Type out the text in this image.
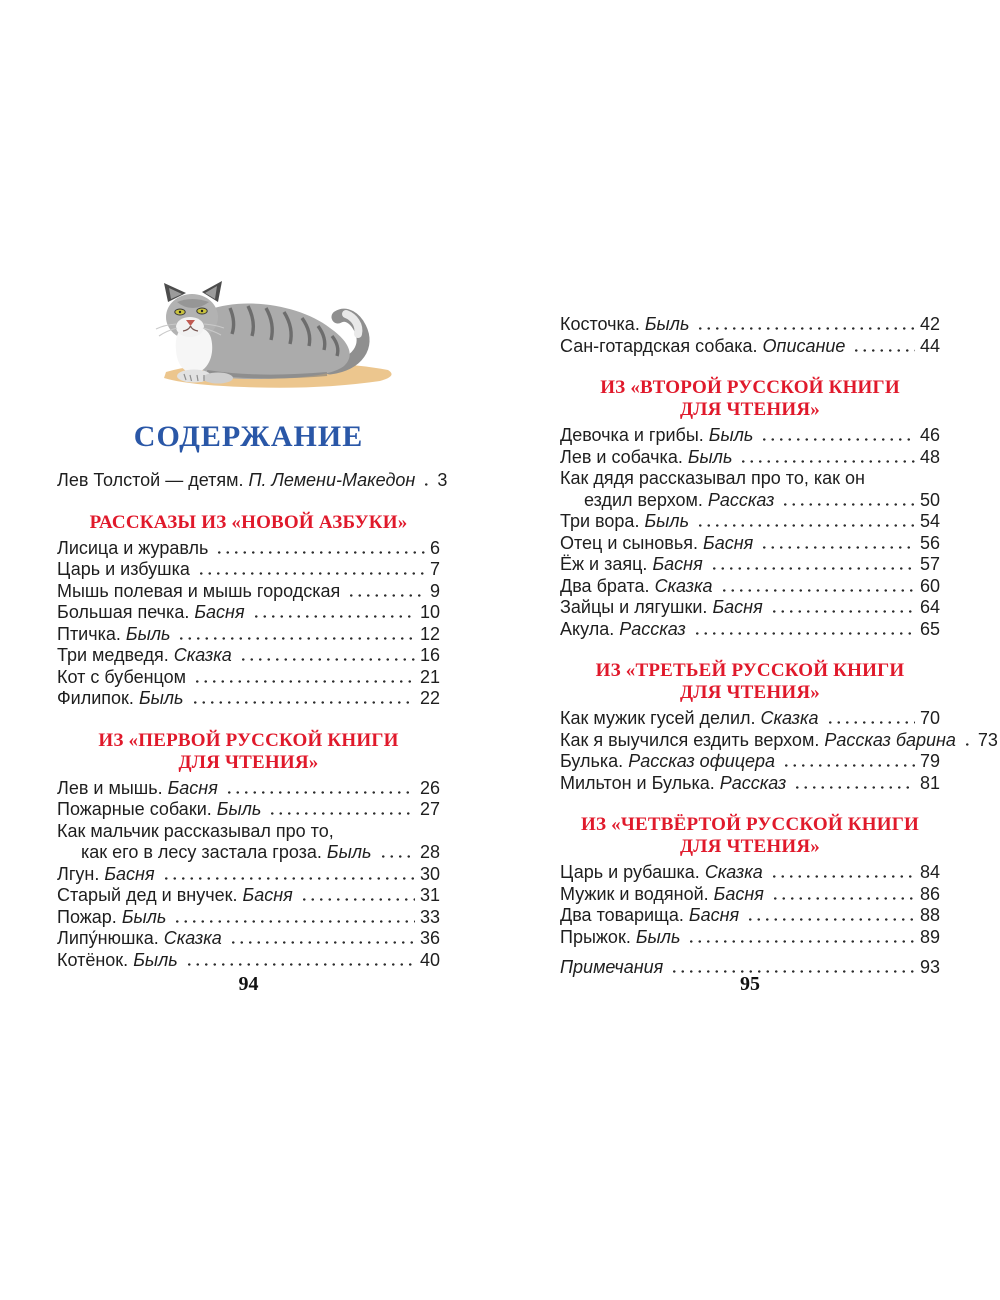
СОДЕРЖАНИЕ
Лев Толстой — детям. П. Лемени-Македон 3
РАССКАЗЫ ИЗ «НОВОЙ АЗБУКИ»
Лисица и журавль	6
Царь и избушка	7
Мышь полевая и мышь городская	9
Большая печка. Басня	10
Птичка. Быль	12
Три медведя. Сказка	16
Кот с бубенцом	21
Филипок. Быль	22
ИЗ «ПЕРВОЙ РУССКОЙ КНИГИ
ДЛЯ ЧТЕНИЯ»
Лев и мышь. Басня	26
Пожарные собаки. Быль	27
Как мальчик рассказывал про то,
как его в лесу застала гроза. Быль	28
Лгун. Басня	30
Старый дед и внучек. Басня	31
Пожар. Быль	33
Липу́нюшка. Сказка	36
Котёнок. Быль	40
Косточка. Быль	42
Сан-готардская собака. Описание	44
ИЗ «ВТОРОЙ РУССКОЙ КНИГИ
ДЛЯ ЧТЕНИЯ»
Девочка и грибы. Быль	46
Лев и собачка. Быль	48
Как дядя рассказывал про то, как он
ездил верхом. Рассказ	50
Три вора. Быль	54
Отец и сыновья. Басня	56
Ёж и заяц. Басня	57
Два брата. Сказка	60
Зайцы и лягушки. Басня	64
Акула. Рассказ	65
ИЗ «ТРЕТЬЕЙ РУССКОЙ КНИГИ
ДЛЯ ЧТЕНИЯ»
Как мужик гусей делил. Сказка	70
Как я выучился ездить верхом. Рассказ барина 73
Булька. Рассказ офицера	79
Мильтон и Булька. Рассказ	81
ИЗ «ЧЕТВЁРТОЙ РУССКОЙ КНИГИ
ДЛЯ ЧТЕНИЯ»
Царь и рубашка. Сказка	84
Мужик и водяной. Басня	86
Два товарища. Басня	88
Прыжок. Быль	89
Примечания	93
94	95
